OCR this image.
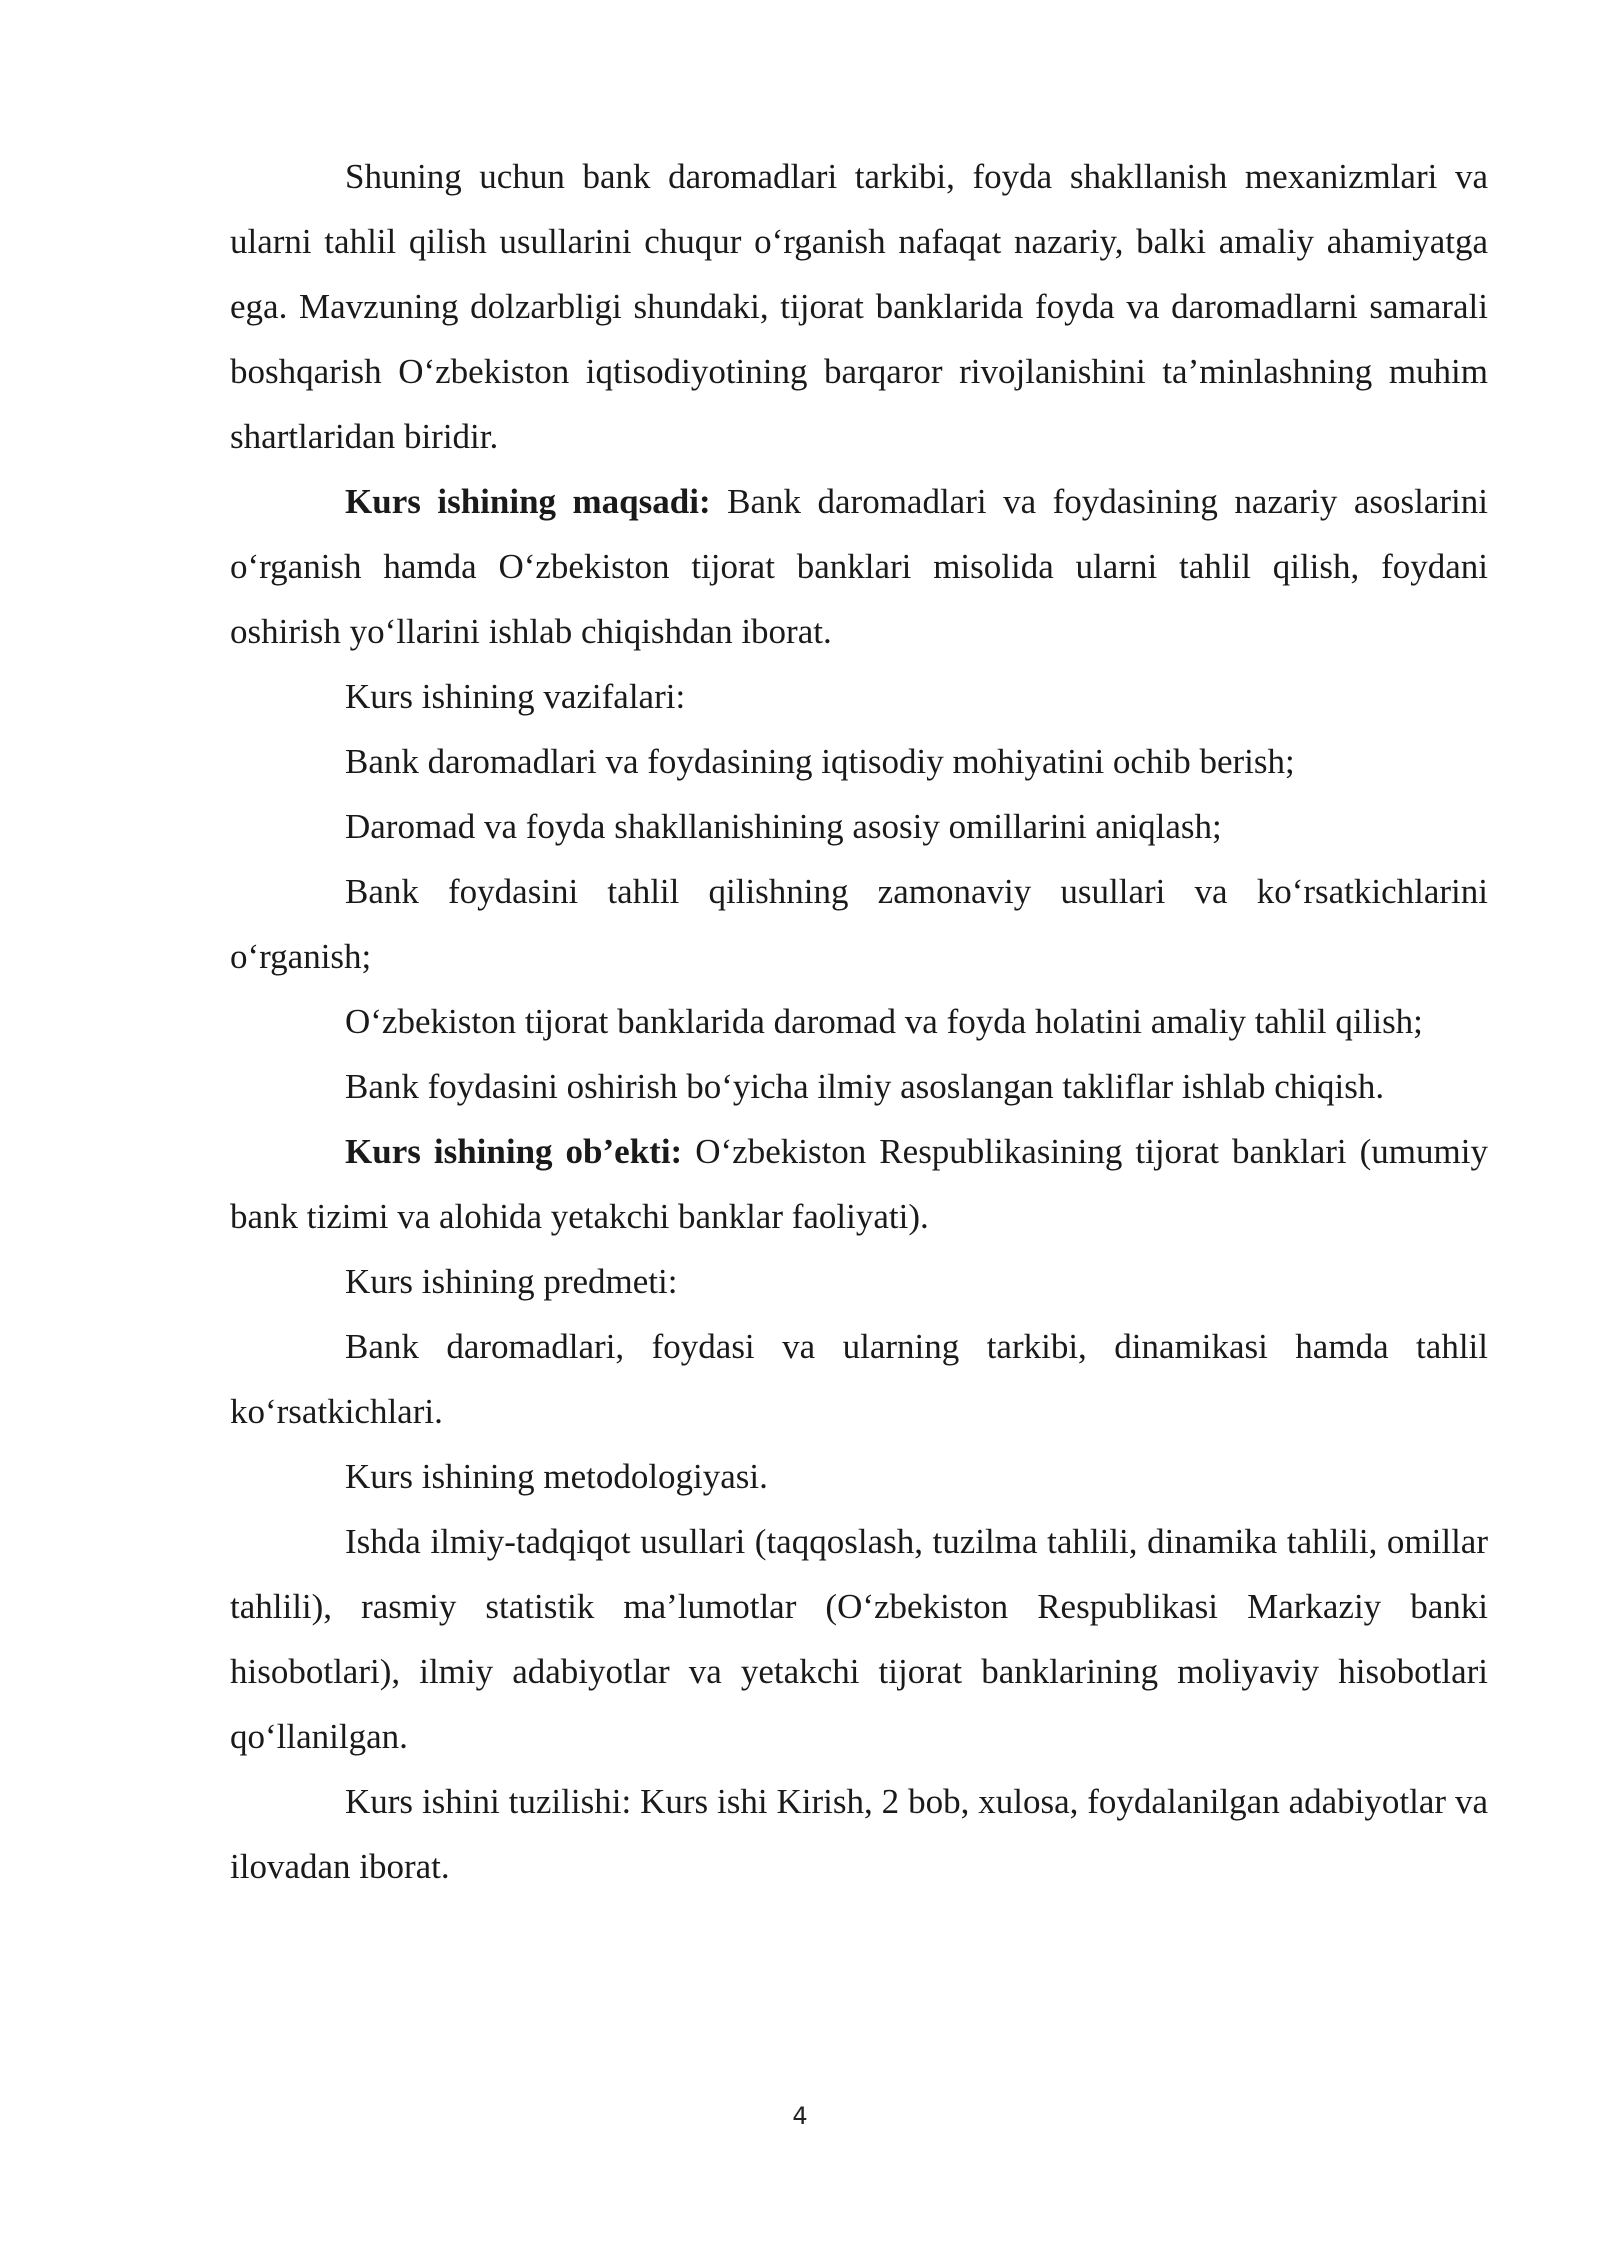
Shuning uchun bank daromadlari tarkibi, foyda shakllanish mexanizmlari va ularni tahlil qilish usullarini chuqur o‘rganish nafaqat nazariy, balki amaliy ahamiyatga ega. Mavzuning dolzarbligi shundaki, tijorat banklarida foyda va daromadlarni samarali boshqarish O‘zbekiston iqtisodiyotining barqaror rivojlanishini ta’minlashning muhim shartlaridan biridir.

Kurs ishining maqsadi: Bank daromadlari va foydasining nazariy asoslarini o‘rganish hamda O‘zbekiston tijorat banklari misolida ularni tahlil qilish, foydani oshirish yo‘llarini ishlab chiqishdan iborat.

Kurs ishining vazifalari:

Bank daromadlari va foydasining iqtisodiy mohiyatini ochib berish;

Daromad va foyda shakllanishining asosiy omillarini aniqlash;

Bank foydasini tahlil qilishning zamonaviy usullari va ko‘rsatkichlarini o‘rganish;

O‘zbekiston tijorat banklarida daromad va foyda holatini amaliy tahlil qilish;

Bank foydasini oshirish bo‘yicha ilmiy asoslangan takliflar ishlab chiqish.

Kurs ishining ob’ekti: O‘zbekiston Respublikasining tijorat banklari (umumiy bank tizimi va alohida yetakchi banklar faoliyati).

Kurs ishining predmeti:

Bank daromadlari, foydasi va ularning tarkibi, dinamikasi hamda tahlil ko‘rsatkichlari.

Kurs ishining metodologiyasi.

Ishda ilmiy-tadqiqot usullari (taqqoslash, tuzilma tahlili, dinamika tahlili, omillar tahlili), rasmiy statistik ma’lumotlar (O‘zbekiston Respublikasi Markaziy banki hisobotlari), ilmiy adabiyotlar va yetakchi tijorat banklarining moliyaviy hisobotlari qo‘llanilgan.

Kurs ishini tuzilishi: Kurs ishi Kirish, 2 bob, xulosa, foydalanilgan adabiyotlar va ilovadan iborat.

4
